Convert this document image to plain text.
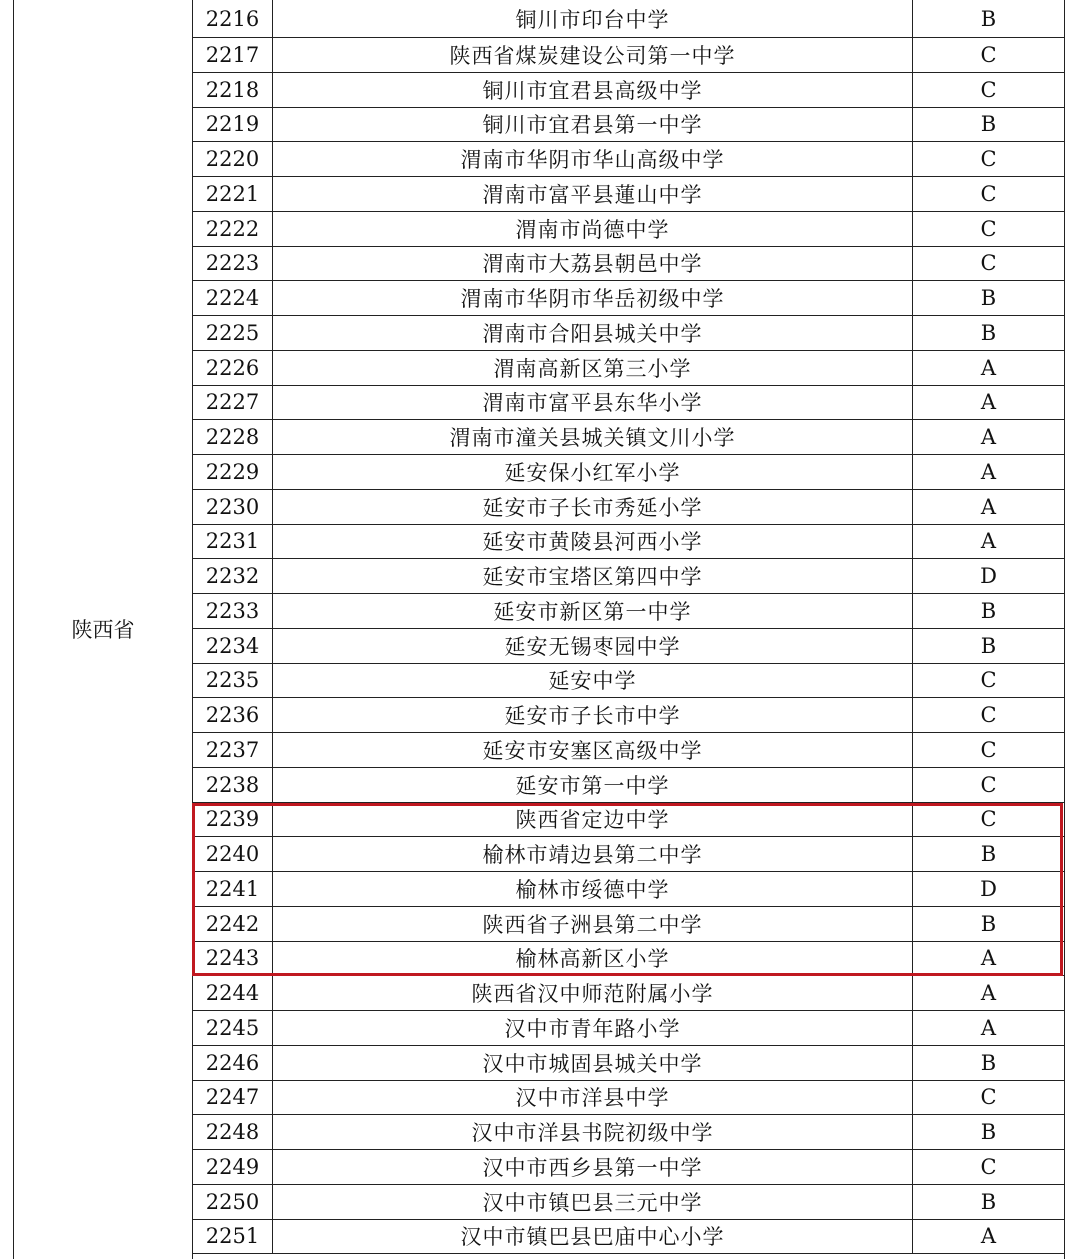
陕西省
2216	铜川市印台中学	B
2217	陕西省煤炭建设公司第一中学	C
2218	铜川市宜君县高级中学	C
2219	铜川市宜君县第一中学	B
2220	渭南市华阴市华山高级中学	C
2221	渭南市富平县蓮山中学	C
2222	渭南市尚德中学	C
2223	渭南市大荔县朝邑中学	C
2224	渭南市华阴市华岳初级中学	B
2225	渭南市合阳县城关中学	B
2226	渭南高新区第三小学	A
2227	渭南市富平县东华小学	A
2228	渭南市潼关县城关镇文川小学	A
2229	延安保小红军小学	A
2230	延安市子长市秀延小学	A
2231	延安市黄陵县河西小学	A
2232	延安市宝塔区第四中学	D
2233	延安市新区第一中学	B
2234	延安无锡枣园中学	B
2235	延安中学	C
2236	延安市子长市中学	C
2237	延安市安塞区高级中学	C
2238	延安市第一中学	C
2239	陕西省定边中学	C
2240	榆林市靖边县第二中学	B
2241	榆林市绥德中学	D
2242	陕西省子洲县第二中学	B
2243	榆林高新区小学	A
2244	陕西省汉中师范附属小学	A
2245	汉中市青年路小学	A
2246	汉中市城固县城关中学	B
2247	汉中市洋县中学	C
2248	汉中市洋县书院初级中学	B
2249	汉中市西乡县第一中学	C
2250	汉中市镇巴县三元中学	B
2251	汉中市镇巴县巴庙中心小学	A
